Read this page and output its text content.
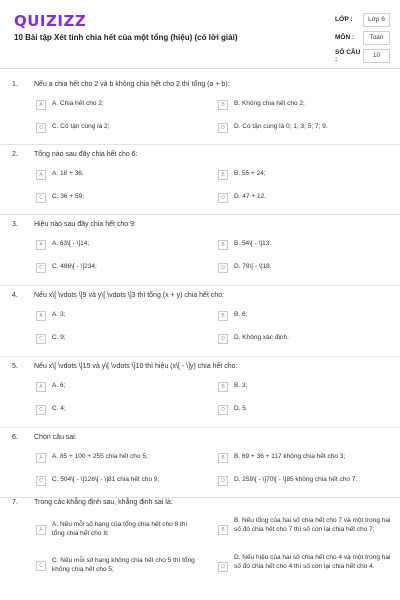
QUIZIZZ
10 Bài tập Xét tính chia hết của một tổng (hiệu) (có lời giải)
LỚP :	Lớp 6
MÔN :	Toán
SỐ CÂU :
10
1. Nếu a chia hết cho 2 và b không chia hết cho 2 thì tổng (a + b):
A	A. Chia hết cho 2;	B	B. Không chia hết cho 2;
C	C. Có tận cùng là 2;	D	D. Có tận cùng là 0; 1; 3; 5; 7; 9.
2. Tổng nào sau đây chia hết cho 6:
A	A. 18 + 36;	B	B. 55 + 24;
C	C. 36 + 59;	D	D. 47 + 12.
3. Hiệu nào sau đây chia hết cho 9:
A	A. 63\[ - \]14;	B	B. 54\[ - \]13;
C	C. 486\[ - \]234;	D	D. 78\[ - \]18.
4. Nếu x\[ \vdots \]9 và y\[ \vdots \]3 thì tổng (x + y) chia hết cho:
A	A. 3;	B	B. 6;
C	C. 9;	D	D. Không xác định.
5. Nếu x\[ \vdots \]15 và y\[ \vdots \]10 thì hiệu (x\[ - \]y) chia hết cho:
A	A. 6;	B	B. 3;
C	C. 4;	D	D. 5.
6. Chọn câu sai:
A	A. 85 + 100 + 255 chia hết cho 5;	B	B. 69 + 36 + 117 không chia hết cho 3;
C	C. 504\[ - \]126\[ - \]81 chia hết cho 9;	D	D. 259\[ - \]70\[ - \]85 không chia hết cho 7.
7. Trong các khẳng định sau, khẳng định sai là:
A
A. Nếu mỗi số hạng của tổng chia hết cho 8 thì tổng chia hết cho 8;	B
B. Nếu tổng của hai số chia hết cho 7 và một trong hai số đó chia hết cho 7 thì số còn lại chia hết cho 7;
C
C. Nếu mỗi số hạng không chia hết cho 5 thì tổng không chia hết cho 5;	D
D. Nếu hiệu của hai số chia hết cho 4 và một trong hai số đó chia hết cho 4 thì số còn lại chia hết cho 4.
